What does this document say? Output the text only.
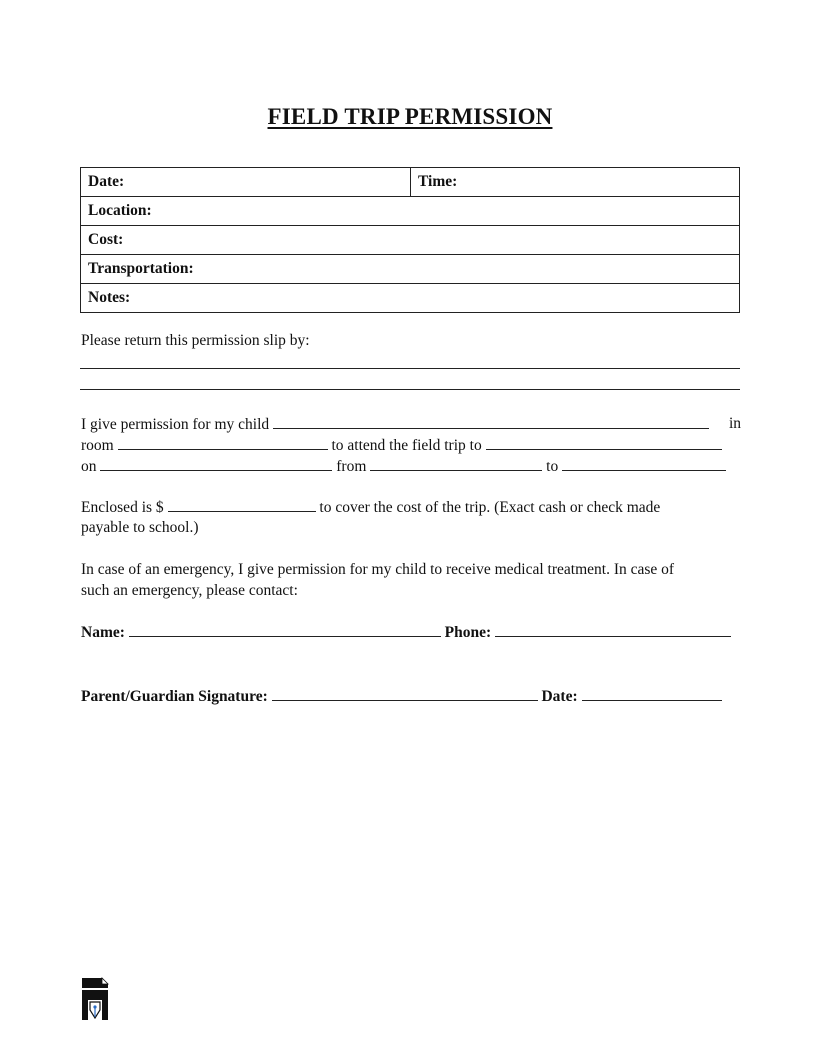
FIELD TRIP PERMISSION
Date:	Time:
Location:
Cost:
Transportation:
Notes:
Please return this permission slip by:
I give permission for my child	in
room	to attend the field trip to
on	from	to
Enclosed is $	to cover the cost of the trip. (Exact cash or check made
payable to school.)
In case of an emergency, I give permission for my child to receive medical treatment. In case of
such an emergency, please contact:
Name:	Phone:
Parent/Guardian Signature:	Date:
